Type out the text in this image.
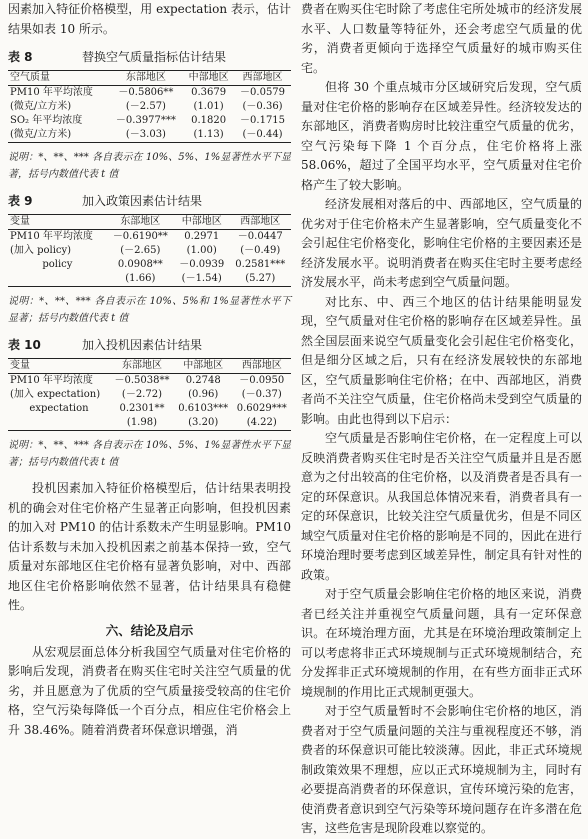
因素加入特征价格模型，用 expectation 表示，估计结果如表 10 所示。

表 8	替换空气质量指标估计结果
空气质量	东部地区	中部地区	西部地区
PM10 年平均浓度	－0.5806**	0.3679	－0.0579
(微克/立方米)	(－2.57)	(1.01)	(－0.36)
SO₂ 年平均浓度	－0.3977***	0.1820	－0.1715
(微克/立方米)	(－3.03)	(1.13)	(－0.44)

说明：*、**、*** 各自表示在 10%、5%、1%显著性水平下显著，括号内数值代表 t 值

表 9	加入政策因素估计结果
变量	东部地区	中部地区	西部地区
PM10 年平均浓度	－0.6190**	0.2971	－0.0447
(加入 policy)	(－2.65)	(1.00)	(－0.49)
policy	0.0908**	－0.0939	0.2581***
	(1.66)	(－1.54)	(5.27)

说明：*、**、*** 各自表示在 10%、5%和 1%显著性水平下显著；括号内数值代表 t 值

表 10	加入投机因素估计结果
变量	东部地区	中部地区	西部地区
PM10 年平均浓度	－0.5038**	0.2748	－0.0950
(加入 expectation)	(－2.72)	(0.96)	(－0.37)
expectation	0.2301**	0.6103***	0.6029***
	(1.98)	(3.20)	(4.22)

说明：*、**、*** 各自表示在 10%、5%、1%显著性水平下显著；括号内数值代表 t 值

投机因素加入特征价格模型后，估计结果表明投机的确会对住宅价格产生显著正向影响，但投机因素的加入对 PM10 的估计系数未产生明显影响。PM10 估计系数与未加入投机因素之前基本保持一致，空气质量对东部地区住宅价格有显著负影响，对中、西部地区住宅价格影响依然不显著，估计结果具有稳健性。

六、结论及启示

从宏观层面总体分析我国空气质量对住宅价格的影响后发现，消费者在购买住宅时关注空气质量的优劣，并且愿意为了优质的空气质量接受较高的住宅价格，空气污染每降低一个百分点，相应住宅价格会上升 38.46%。随着消费者环保意识增强，消

费者在购买住宅时除了考虑住宅所处城市的经济发展水平、人口数量等特征外，还会考虑空气质量的优劣，消费者更倾向于选择空气质量好的城市购买住宅。

但将 30 个重点城市分区域研究后发现，空气质量对住宅价格的影响存在区域差异性。经济较发达的东部地区，消费者购房时比较注重空气质量的优劣，空气污染每下降 1 个百分点，住宅价格将上涨 58.06%，超过了全国平均水平，空气质量对住宅价格产生了较大影响。

经济发展相对落后的中、西部地区，空气质量的优劣对于住宅价格未产生显著影响，空气质量变化不会引起住宅价格变化，影响住宅价格的主要因素还是经济发展水平。说明消费者在购买住宅时主要考虑经济发展水平，尚未考虑到空气质量问题。

对比东、中、西三个地区的估计结果能明显发现，空气质量对住宅价格的影响存在区域差异性。虽然全国层面来说空气质量变化会引起住宅价格变化，但是细分区域之后，只有在经济发展较快的东部地区，空气质量影响住宅价格；在中、西部地区，消费者尚不关注空气质量，住宅价格尚未受到空气质量的影响。由此也得到以下启示：

空气质量是否影响住宅价格，在一定程度上可以反映消费者购买住宅时是否关注空气质量并且是否愿意为之付出较高的住宅价格，以及消费者是否具有一定的环保意识。从我国总体情况来看，消费者具有一定的环保意识，比较关注空气质量优劣，但是不同区域空气质量对住宅价格的影响是不同的，因此在进行环境治理时要考虑到区域差异性，制定具有针对性的政策。

对于空气质量会影响住宅价格的地区来说，消费者已经关注并重视空气质量问题，具有一定环保意识。在环境治理方面，尤其是在环境治理政策制定上可以考虑将非正式环境规制与正式环境规制结合，充分发挥非正式环境规制的作用，在有些方面非正式环境规制的作用比正式规制更强大。

对于空气质量暂时不会影响住宅价格的地区，消费者对于空气质量问题的关注与重视程度还不够，消费者的环保意识可能比较淡薄。因此，非正式环境规制政策效果不理想，应以正式环境规制为主，同时有必要提高消费者的环保意识，宣传环境污染的危害，使消费者意识到空气污染等环境问题存在许多潜在危害，这些危害是现阶段难以察觉的。
